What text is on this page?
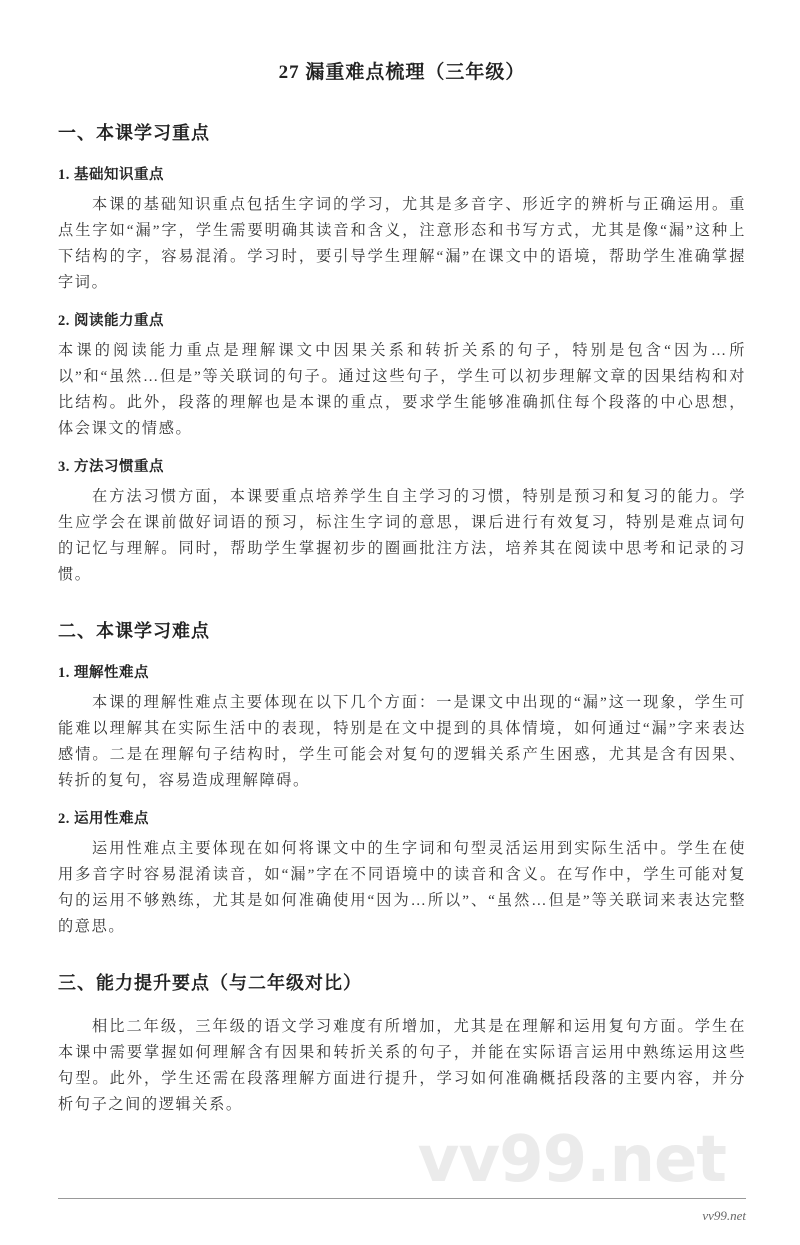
27 漏重难点梳理（三年级）
一、本课学习重点
1. 基础知识重点
本课的基础知识重点包括生字词的学习，尤其是多音字、形近字的辨析与正确运用。重点生字如“漏”字，学生需要明确其读音和含义，注意形态和书写方式，尤其是像“漏”这种上下结构的字，容易混淆。学习时，要引导学生理解“漏”在课文中的语境，帮助学生准确掌握字词。
2. 阅读能力重点
本课的阅读能力重点是理解课文中因果关系和转折关系的句子，特别是包含“因为…所以”和“虽然…但是”等关联词的句子。通过这些句子，学生可以初步理解文章的因果结构和对比结构。此外，段落的理解也是本课的重点，要求学生能够准确抓住每个段落的中心思想，体会课文的情感。
3. 方法习惯重点
在方法习惯方面，本课要重点培养学生自主学习的习惯，特别是预习和复习的能力。学生应学会在课前做好词语的预习，标注生字词的意思，课后进行有效复习，特别是难点词句的记忆与理解。同时，帮助学生掌握初步的圈画批注方法，培养其在阅读中思考和记录的习惯。
二、本课学习难点
1. 理解性难点
本课的理解性难点主要体现在以下几个方面：一是课文中出现的“漏”这一现象，学生可能难以理解其在实际生活中的表现，特别是在文中提到的具体情境，如何通过“漏”字来表达感情。二是在理解句子结构时，学生可能会对复句的逻辑关系产生困惑，尤其是含有因果、转折的复句，容易造成理解障碍。
2. 运用性难点
运用性难点主要体现在如何将课文中的生字词和句型灵活运用到实际生活中。学生在使用多音字时容易混淆读音，如“漏”字在不同语境中的读音和含义。在写作中，学生可能对复句的运用不够熟练，尤其是如何准确使用“因为…所以”、“虽然…但是”等关联词来表达完整的意思。
三、能力提升要点（与二年级对比）
相比二年级，三年级的语文学习难度有所增加，尤其是在理解和运用复句方面。学生在本课中需要掌握如何理解含有因果和转折关系的句子，并能在实际语言运用中熟练运用这些句型。此外，学生还需在段落理解方面进行提升，学习如何准确概括段落的主要内容，并分析句子之间的逻辑关系。
vv99.net
vv99.net
